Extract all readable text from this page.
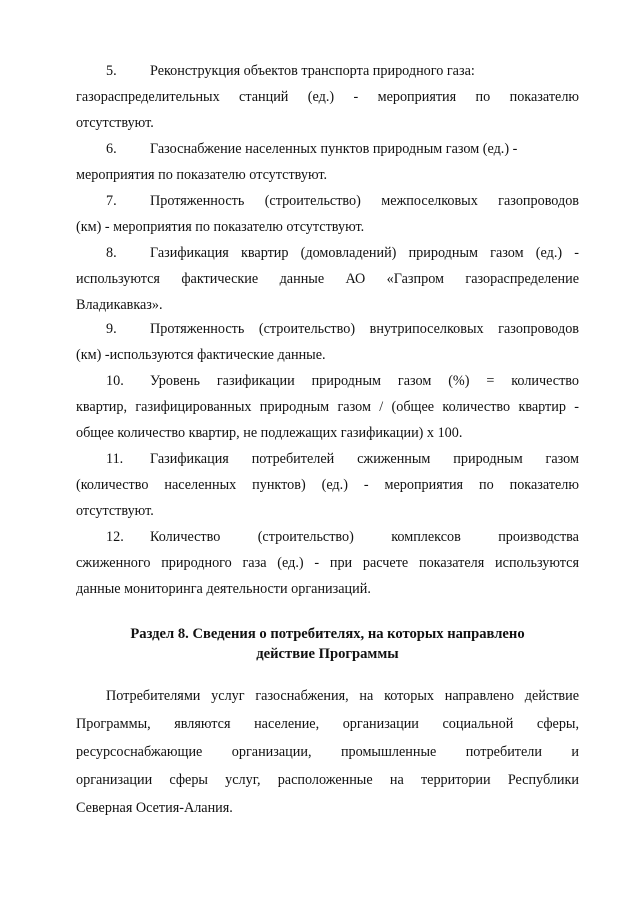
5. Реконструкция объектов транспорта природного газа:
газораспределительных станций (ед.) - мероприятия по показателю
отсутствуют.
6. Газоснабжение населенных пунктов природным газом (ед.) -
мероприятия по показателю отсутствуют.
7. Протяженность (строительство) межпоселковых газопроводов
(км) - мероприятия по показателю отсутствуют.
8. Газификация квартир (домовладений) природным газом (ед.) -
используются фактические данные АО «Газпром газораспределение
Владикавказ».
9. Протяженность (строительство) внутрипоселковых газопроводов
(км) -используются фактические данные.
10. Уровень газификации природным газом (%) = количество
квартир, газифицированных природным газом / (общее количество квартир -
общее количество квартир, не подлежащих газификации) x 100.
11. Газификация потребителей сжиженным природным газом
(количество населенных пунктов) (ед.) - мероприятия по показателю
отсутствуют.
12. Количество (строительство) комплексов производства
сжиженного природного газа (ед.) - при расчете показателя используются
данные мониторинга деятельности организаций.
Раздел 8. Сведения о потребителях, на которых направлено
действие Программы
Потребителями услуг газоснабжения, на которых направлено действие
Программы, являются население, организации социальной сферы,
ресурсоснабжающие организации, промышленные потребители и
организации сферы услуг, расположенные на территории Республики
Северная Осетия-Алания.
